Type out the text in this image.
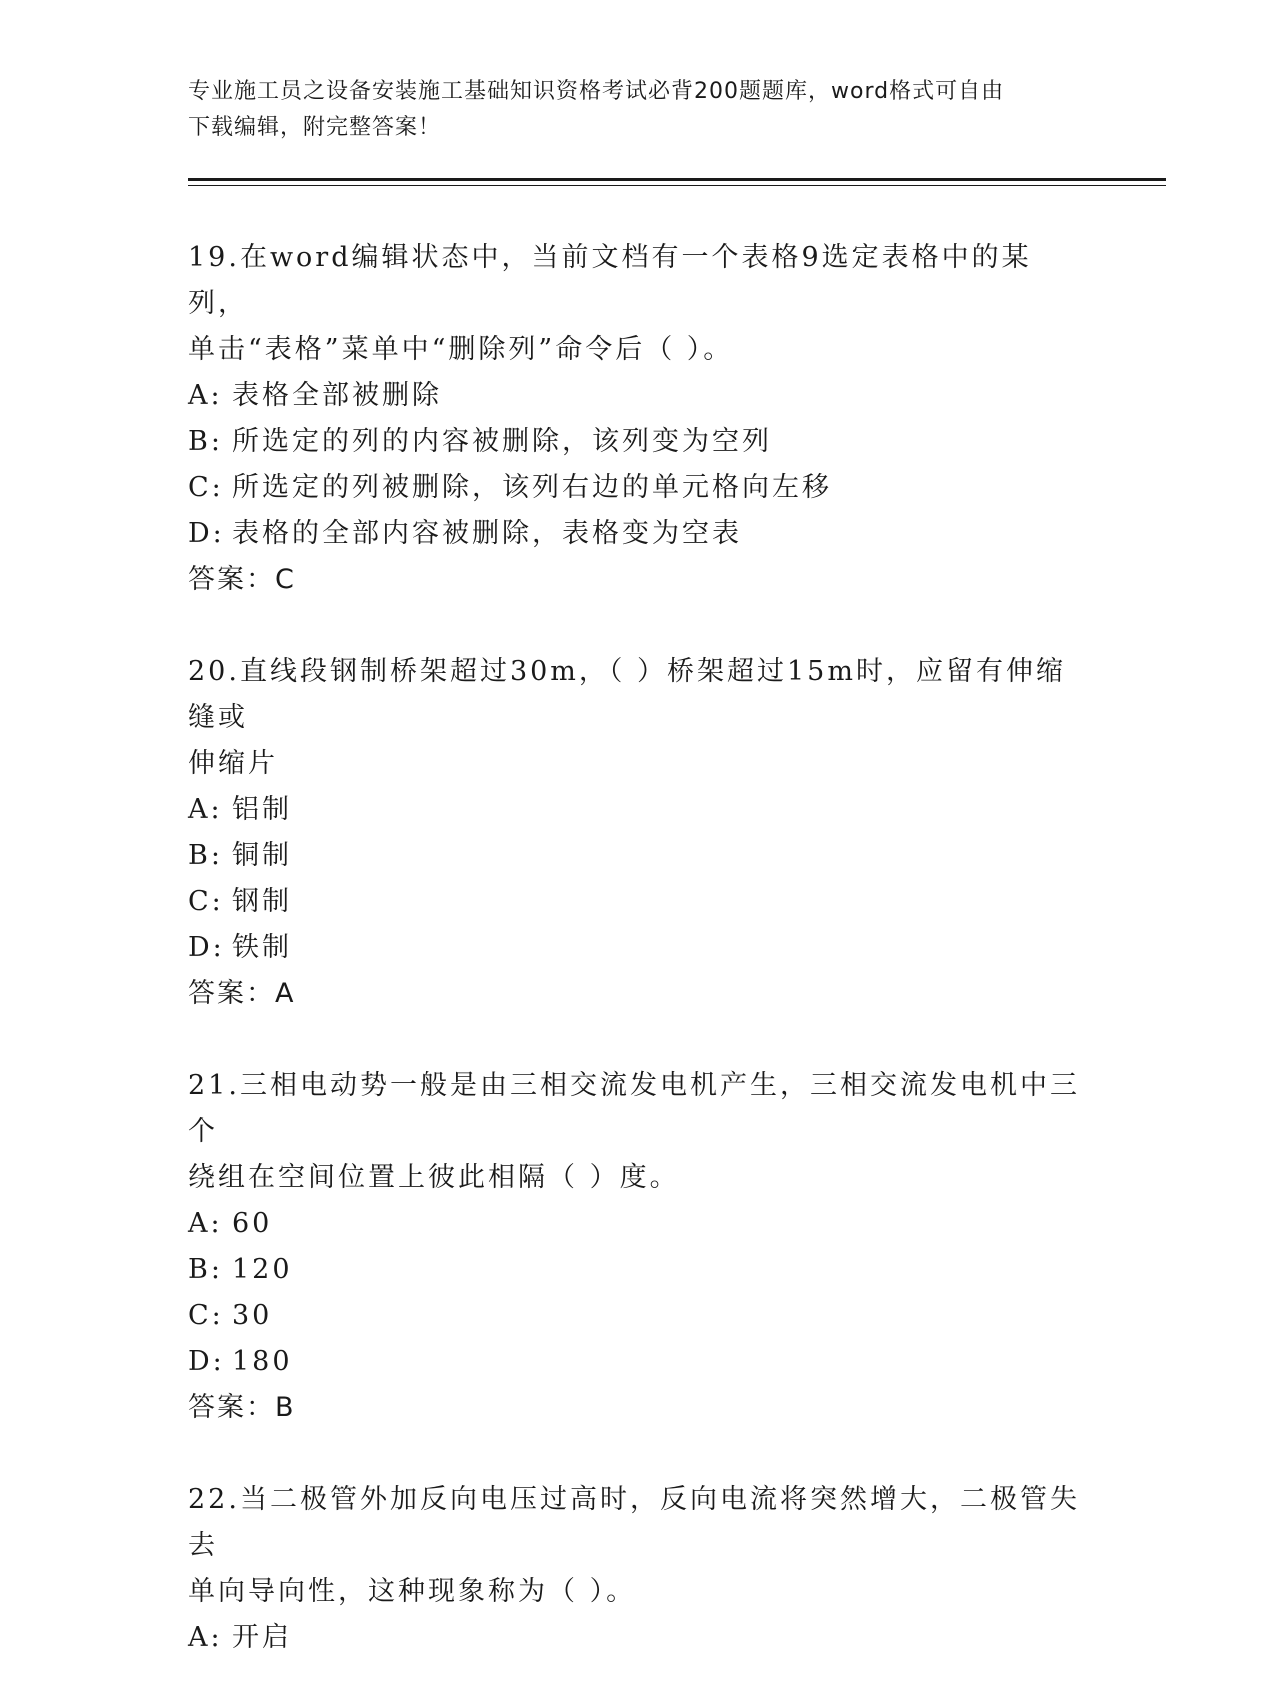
专业施工员之设备安装施工基础知识资格考试必背200题题库，word格式可自由
下载编辑，附完整答案！

19.在word编辑状态中，当前文档有一个表格9选定表格中的某列，

单击“表格”菜单中“删除列”命令后（ ）。

A: 表格全部被删除

B: 所选定的列的内容被删除，该列变为空列

C: 所选定的列被删除，该列右边的单元格向左移

D: 表格的全部内容被删除，表格变为空表

答案：C

20.直线段钢制桥架超过30m，（ ）桥架超过15m时，应留有伸缩缝或

伸缩片

A: 铝制

B: 铜制

C: 钢制

D: 铁制

答案：A

21.三相电动势一般是由三相交流发电机产生，三相交流发电机中三个

绕组在空间位置上彼此相隔（ ）度。

A: 60

B: 120

C: 30

D: 180

答案：B

22.当二极管外加反向电压过高时，反向电流将突然增大，二极管失去

单向导向性，这种现象称为（ ）。

A: 开启
